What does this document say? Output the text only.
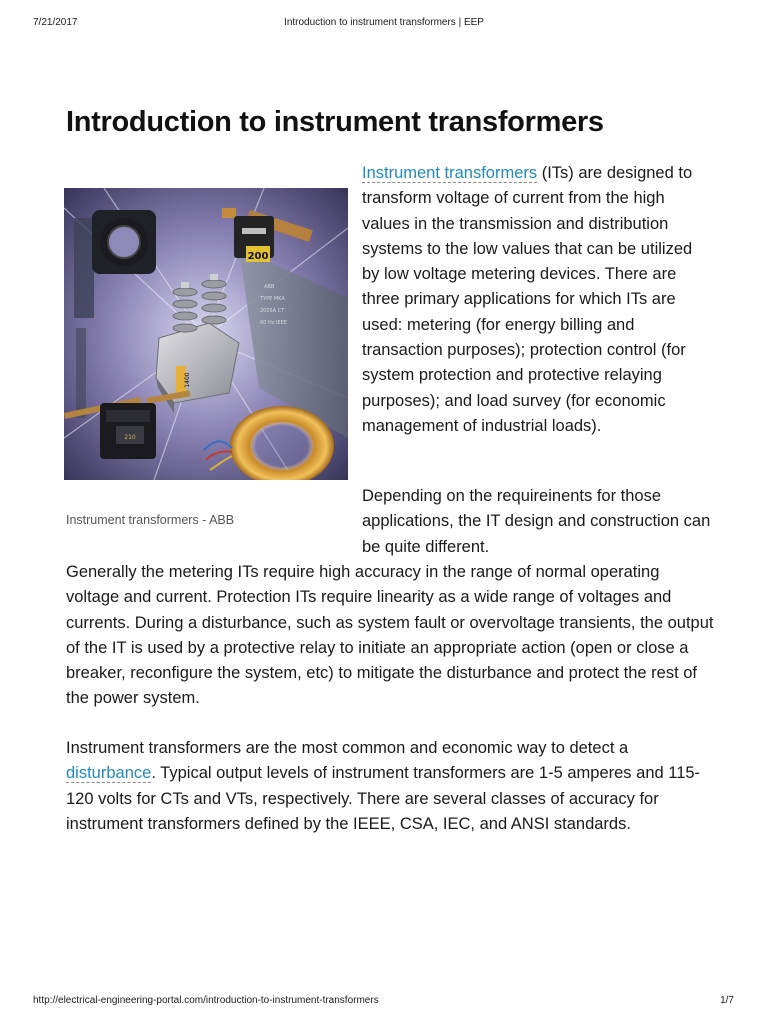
7/21/2017	Introduction to instrument transformers | EEP
Introduction to instrument transformers
ABB
TYPE MKA
2005A CT
60 Hz IEEE
200
1400
210
Instrument transformers - ABB

Instrument transformers (ITs) are designed to transform voltage of current from the high values in the transmission and distribution systems to the low values that can be utilized by low voltage metering devices. There are three primary applications for which ITs are used: metering (for energy billing and transaction purposes); protection control (for system protection and protective relaying purposes); and load survey (for economic management of industrial loads).

Depending on the requireinents for those applications, the IT design and construction can be quite different.

Generally the metering ITs require high accuracy in the range of normal operating voltage and current. Protection ITs require linearity as a wide range of voltages and currents. During a disturbance, such as system fault or overvoltage transients, the output of the IT is used by a protective relay to initiate an appropriate action (open or close a breaker, reconfigure the system, etc) to mitigate the disturbance and protect the rest of the power system.

Instrument transformers are the most common and economic way to detect a disturbance. Typical output levels of instrument transformers are 1-5 amperes and 115-120 volts for CTs and VTs, respectively. There are several classes of accuracy for instrument transformers defined by the IEEE, CSA, IEC, and ANSI standards.

http://electrical-engineering-portal.com/introduction-to-instrument-transformers	1/7
